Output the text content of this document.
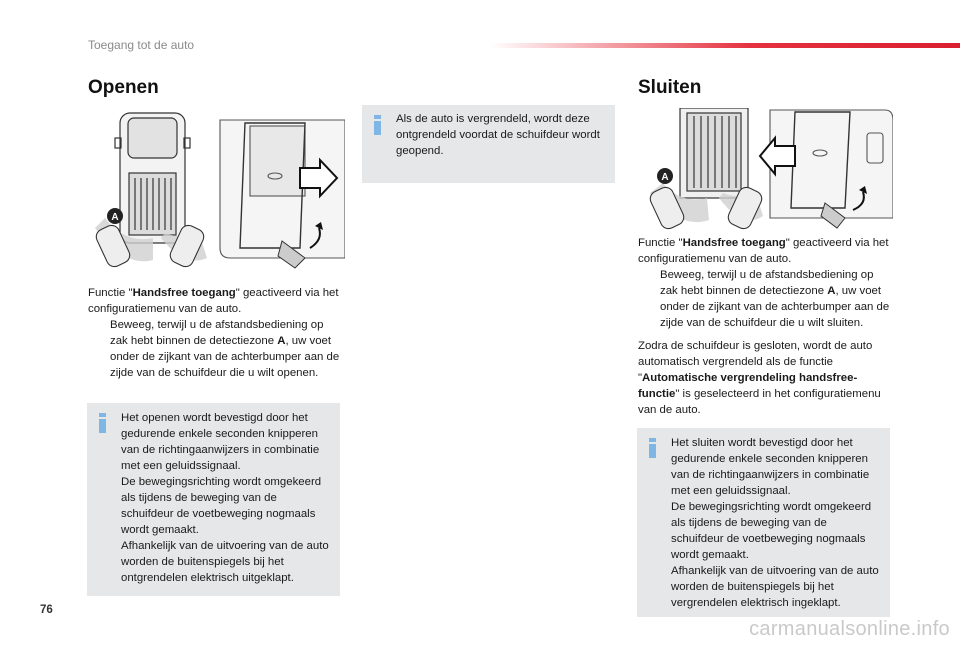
Toegang tot de auto
Openen
A

Functie "Handsfree toegang" geactiveerd via het configuratiemenu van de auto.

Beweeg, terwijl u de afstandsbediening op zak hebt binnen de detectiezone A, uw voet onder de zijkant van de achterbumper aan de zijde van de schuifdeur die u wilt openen.

Het openen wordt bevestigd door het gedurende enkele seconden knipperen van de richtingaanwijzers in combinatie met een geluidssignaal.
De bewegingsrichting wordt omgekeerd als tijdens de beweging van de schuifdeur de voetbeweging nogmaals wordt gemaakt.
Afhankelijk van de uitvoering van de auto worden de buitenspiegels bij het ontgrendelen elektrisch uitgeklapt.
Als de auto is vergrendeld, wordt deze ontgrendeld voordat de schuifdeur wordt geopend.
Sluiten
A

Functie "Handsfree toegang" geactiveerd via het configuratiemenu van de auto.

Beweeg, terwijl u de afstandsbediening op zak hebt binnen de detectiezone A, uw voet onder de zijkant van de achterbumper aan de zijde van de schuifdeur die u wilt sluiten.

Zodra de schuifdeur is gesloten, wordt de auto automatisch vergrendeld als de functie "Automatische vergrendeling handsfree-functie" is geselecteerd in het configuratiemenu van de auto.

Het sluiten wordt bevestigd door het gedurende enkele seconden knipperen van de richtingaanwijzers in combinatie met een geluidssignaal.
De bewegingsrichting wordt omgekeerd als tijdens de beweging van de schuifdeur de voetbeweging nogmaals wordt gemaakt.
Afhankelijk van de uitvoering van de auto worden de buitenspiegels bij het vergrendelen elektrisch ingeklapt.
76
carmanualsonline.info
